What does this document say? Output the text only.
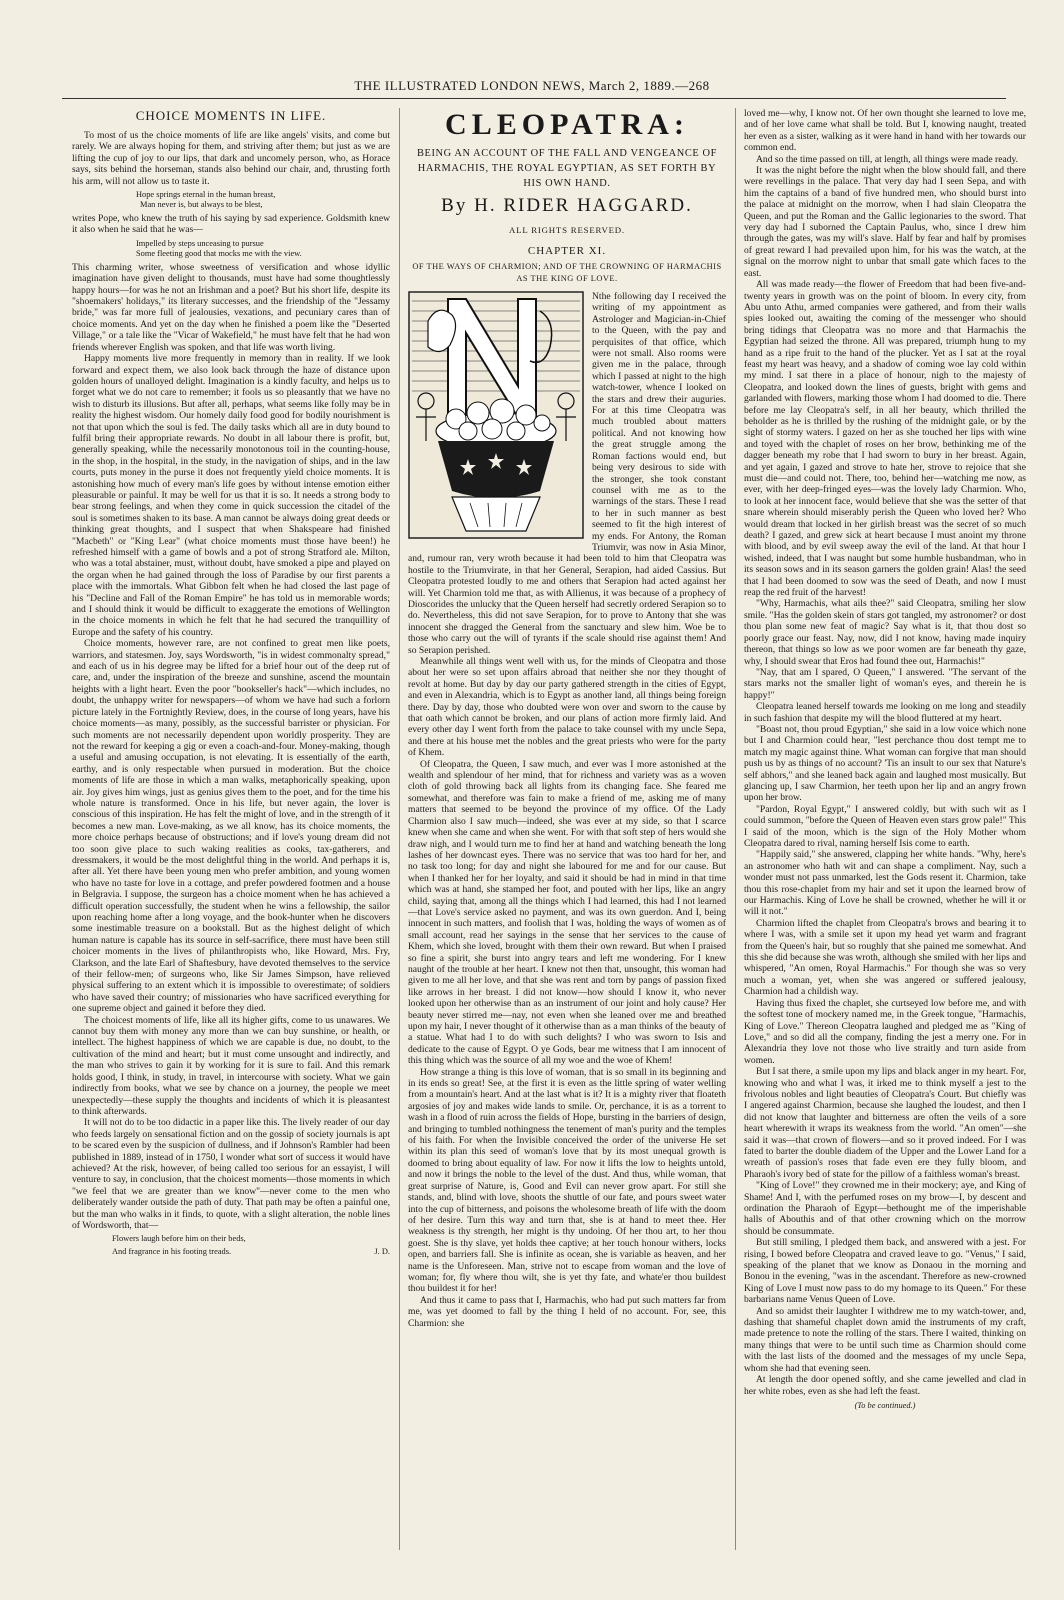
THE ILLUSTRATED LONDON NEWS, March 2, 1889.—268
CHOICE MOMENTS IN LIFE.

To most of us the choice moments of life are like angels' visits, and come but rarely. We are always hoping for them, and striving after them; but just as we are lifting the cup of joy to our lips, that dark and uncomely person, who, as Horace says, sits behind the horseman, stands also behind our chair, and, thrusting forth his arm, will not allow us to taste it.

Hope springs eternal in the human breast,
Man never is, but always to be blest,

writes Pope, who knew the truth of his saying by sad experience. Goldsmith knew it also when he said that he was—

Impelled by steps unceasing to pursue
Some fleeting good that mocks me with the view.

This charming writer, whose sweetness of versification and whose idyllic imagination have given delight to thousands, must have had some thoughtlessly happy hours—for was he not an Irishman and a poet? But his short life, despite its "shoemakers' holidays," its literary successes, and the friendship of the "Jessamy bride," was far more full of jealousies, vexations, and pecuniary cares than of choice moments. And yet on the day when he finished a poem like the "Deserted Village," or a tale like the "Vicar of Wakefield," he must have felt that he had won friends wherever English was spoken, and that life was worth living.

Happy moments live more frequently in memory than in reality. If we look forward and expect them, we also look back through the haze of distance upon golden hours of unalloyed delight. Imagination is a kindly faculty, and helps us to forget what we do not care to remember; it fools us so pleasantly that we have no wish to disturb its illusions. But after all, perhaps, what seems like folly may be in reality the highest wisdom. Our homely daily food good for bodily nourishment is not that upon which the soul is fed. The daily tasks which all are in duty bound to fulfil bring their appropriate rewards. No doubt in all labour there is profit, but, generally speaking, while the necessarily monotonous toil in the counting-house, in the shop, in the hospital, in the study, in the navigation of ships, and in the law courts, puts money in the purse it does not frequently yield choice moments. It is astonishing how much of every man's life goes by without intense emotion either pleasurable or painful. It may be well for us that it is so. It needs a strong body to bear strong feelings, and when they come in quick succession the citadel of the soul is sometimes shaken to its base. A man cannot be always doing great deeds or thinking great thoughts, and I suspect that when Shakspeare had finished "Macbeth" or "King Lear" (what choice moments must those have been!) he refreshed himself with a game of bowls and a pot of strong Stratford ale. Milton, who was a total abstainer, must, without doubt, have smoked a pipe and played on the organ when he had gained through the loss of Paradise by our first parents a place with the immortals. What Gibbon felt when he had closed the last page of his "Decline and Fall of the Roman Empire" he has told us in memorable words; and I should think it would be difficult to exaggerate the emotions of Wellington in the choice moments in which he felt that he had secured the tranquillity of Europe and the safety of his country.

Choice moments, however rare, are not confined to great men like poets, warriors, and statesmen. Joy, says Wordsworth, "is in widest commonalty spread," and each of us in his degree may be lifted for a brief hour out of the deep rut of care, and, under the inspiration of the breeze and sunshine, ascend the mountain heights with a light heart. Even the poor "bookseller's hack"—which includes, no doubt, the unhappy writer for newspapers—of whom we have had such a forlorn picture lately in the Fortnightly Review, does, in the course of long years, have his choice moments—as many, possibly, as the successful barrister or physician. For such moments are not necessarily dependent upon worldly prosperity. They are not the reward for keeping a gig or even a coach-and-four. Money-making, though a useful and amusing occupation, is not elevating. It is essentially of the earth, earthy, and is only respectable when pursued in moderation. But the choice moments of life are those in which a man walks, metaphorically speaking, upon air. Joy gives him wings, just as genius gives them to the poet, and for the time his whole nature is transformed. Once in his life, but never again, the lover is conscious of this inspiration. He has felt the might of love, and in the strength of it becomes a new man. Love-making, as we all know, has its choice moments, the more choice perhaps because of obstructions; and if love's young dream did not too soon give place to such waking realities as cooks, tax-gatherers, and dressmakers, it would be the most delightful thing in the world. And perhaps it is, after all. Yet there have been young men who prefer ambition, and young women who have no taste for love in a cottage, and prefer powdered footmen and a house in Belgravia. I suppose, the surgeon has a choice moment when he has achieved a difficult operation successfully, the student when he wins a fellowship, the sailor upon reaching home after a long voyage, and the book-hunter when he discovers some inestimable treasure on a bookstall. But as the highest delight of which human nature is capable has its source in self-sacrifice, there must have been still choicer moments in the lives of philanthropists who, like Howard, Mrs. Fry, Clarkson, and the late Earl of Shaftesbury, have devoted themselves to the service of their fellow-men; of surgeons who, like Sir James Simpson, have relieved physical suffering to an extent which it is impossible to overestimate; of soldiers who have saved their country; of missionaries who have sacrificed everything for one supreme object and gained it before they died.

The choicest moments of life, like all its higher gifts, come to us unawares. We cannot buy them with money any more than we can buy sunshine, or health, or intellect. The highest happiness of which we are capable is due, no doubt, to the cultivation of the mind and heart; but it must come unsought and indirectly, and the man who strives to gain it by working for it is sure to fail. And this remark holds good, I think, in study, in travel, in intercourse with society. What we gain indirectly from books, what we see by chance on a journey, the people we meet unexpectedly—these supply the thoughts and incidents of which it is pleasantest to think afterwards.

It will not do to be too didactic in a paper like this. The lively reader of our day who feeds largely on sensational fiction and on the gossip of society journals is apt to be scared even by the suspicion of dullness, and if Johnson's Rambler had been published in 1889, instead of in 1750, I wonder what sort of success it would have achieved? At the risk, however, of being called too serious for an essayist, I will venture to say, in conclusion, that the choicest moments—those moments in which "we feel that we are greater than we know"—never come to the men who deliberately wander outside the path of duty. That path may be often a painful one, but the man who walks in it finds, to quote, with a slight alteration, the noble lines of Wordsworth, that—

Flowers laugh before him on their beds,
And fragrance in his footing treads.	J. D.
CLEOPATRA:
BEING AN ACCOUNT OF THE FALL AND VENGEANCE OF HARMACHIS, THE ROYAL EGYPTIAN, AS SET FORTH BY HIS OWN HAND.
By H. RIDER HAGGARD.
ALL RIGHTS RESERVED.
CHAPTER XI.
OF THE WAYS OF CHARMION; AND OF THE CROWNING OF HARMACHIS AS THE KING OF LOVE.

Nthe following day I received the writing of my appointment as Astrologer and Magician-in-Chief to the Queen, with the pay and perquisites of that office, which were not small. Also rooms were given me in the palace, through which I passed at night to the high watch-tower, whence I looked on the stars and drew their auguries. For at this time Cleopatra was much troubled about matters political. And not knowing how the great struggle among the Roman factions would end, but being very desirous to side with the stronger, she took constant counsel with me as to the warnings of the stars. These I read to her in such manner as best seemed to fit the high interest of my ends. For Antony, the Roman Triumvir, was now in Asia Minor, and, rumour ran, very wroth because it had been told to him that Cleopatra was hostile to the Triumvirate, in that her General, Serapion, had aided Cassius. But Cleopatra protested loudly to me and others that Serapion had acted against her will. Yet Charmion told me that, as with Allienus, it was because of a prophecy of Dioscorides the unlucky that the Queen herself had secretly ordered Serapion so to do. Nevertheless, this did not save Serapion, for to prove to Antony that she was innocent she dragged the General from the sanctuary and slew him. Woe be to those who carry out the will of tyrants if the scale should rise against them! And so Serapion perished.

Meanwhile all things went well with us, for the minds of Cleopatra and those about her were so set upon affairs abroad that neither she nor they thought of revolt at home. But day by day our party gathered strength in the cities of Egypt, and even in Alexandria, which is to Egypt as another land, all things being foreign there. Day by day, those who doubted were won over and sworn to the cause by that oath which cannot be broken, and our plans of action more firmly laid. And every other day I went forth from the palace to take counsel with my uncle Sepa, and there at his house met the nobles and the great priests who were for the party of Khem.

Of Cleopatra, the Queen, I saw much, and ever was I more astonished at the wealth and splendour of her mind, that for richness and variety was as a woven cloth of gold throwing back all lights from its changing face. She feared me somewhat, and therefore was fain to make a friend of me, asking me of many matters that seemed to be beyond the province of my office. Of the Lady Charmion also I saw much—indeed, she was ever at my side, so that I scarce knew when she came and when she went. For with that soft step of hers would she draw nigh, and I would turn me to find her at hand and watching beneath the long lashes of her downcast eyes. There was no service that was too hard for her, and no task too long; for day and night she laboured for me and for our cause. But when I thanked her for her loyalty, and said it should be had in mind in that time which was at hand, she stamped her foot, and pouted with her lips, like an angry child, saying that, among all the things which I had learned, this had I not learned—that Love's service asked no payment, and was its own guerdon. And I, being innocent in such matters, and foolish that I was, holding the ways of women as of small account, read her sayings in the sense that her services to the cause of Khem, which she loved, brought with them their own reward. But when I praised so fine a spirit, she burst into angry tears and left me wondering. For I knew naught of the trouble at her heart. I knew not then that, unsought, this woman had given to me all her love, and that she was rent and torn by pangs of passion fixed like arrows in her breast. I did not know—how should I know it, who never looked upon her otherwise than as an instrument of our joint and holy cause? Her beauty never stirred me—nay, not even when she leaned over me and breathed upon my hair, I never thought of it otherwise than as a man thinks of the beauty of a statue. What had I to do with such delights? I who was sworn to Isis and dedicate to the cause of Egypt. O ye Gods, bear me witness that I am innocent of this thing which was the source of all my woe and the woe of Khem!

How strange a thing is this love of woman, that is so small in its beginning and in its ends so great! See, at the first it is even as the little spring of water welling from a mountain's heart. And at the last what is it? It is a mighty river that floateth argosies of joy and makes wide lands to smile. Or, perchance, it is as a torrent to wash in a flood of ruin across the fields of Hope, bursting in the barriers of design, and bringing to tumbled nothingness the tenement of man's purity and the temples of his faith. For when the Invisible conceived the order of the universe He set within its plan this seed of woman's love that by its most unequal growth is doomed to bring about equality of law. For now it lifts the low to heights untold, and now it brings the noble to the level of the dust. And thus, while woman, that great surprise of Nature, is, Good and Evil can never grow apart. For still she stands, and, blind with love, shoots the shuttle of our fate, and pours sweet water into the cup of bitterness, and poisons the wholesome breath of life with the doom of her desire. Turn this way and turn that, she is at hand to meet thee. Her weakness is thy strength, her might is thy undoing. Of her thou art, to her thou goest. She is thy slave, yet holds thee captive; at her touch honour withers, locks open, and barriers fall. She is infinite as ocean, she is variable as heaven, and her name is the Unforeseen. Man, strive not to escape from woman and the love of woman; for, fly where thou wilt, she is yet thy fate, and whate'er thou buildest thou buildest it for her!

And thus it came to pass that I, Harmachis, who had put such matters far from me, was yet doomed to fall by the thing I held of no account. For, see, this Charmion: she

loved me—why, I know not. Of her own thought she learned to love me, and of her love came what shall be told. But I, knowing naught, treated her even as a sister, walking as it were hand in hand with her towards our common end.

And so the time passed on till, at length, all things were made ready.

It was the night before the night when the blow should fall, and there were revellings in the palace. That very day had I seen Sepa, and with him the captains of a band of five hundred men, who should burst into the palace at midnight on the morrow, when I had slain Cleopatra the Queen, and put the Roman and the Gallic legionaries to the sword. That very day had I suborned the Captain Paulus, who, since I drew him through the gates, was my will's slave. Half by fear and half by promises of great reward I had prevailed upon him, for his was the watch, at the signal on the morrow night to unbar that small gate which faces to the east.

All was made ready—the flower of Freedom that had been five-and-twenty years in growth was on the point of bloom. In every city, from Abu unto Athu, armed companies were gathered, and from their walls spies looked out, awaiting the coming of the messenger who should bring tidings that Cleopatra was no more and that Harmachis the Egyptian had seized the throne. All was prepared, triumph hung to my hand as a ripe fruit to the hand of the plucker. Yet as I sat at the royal feast my heart was heavy, and a shadow of coming woe lay cold within my mind. I sat there in a place of honour, nigh to the majesty of Cleopatra, and looked down the lines of guests, bright with gems and garlanded with flowers, marking those whom I had doomed to die. There before me lay Cleopatra's self, in all her beauty, which thrilled the beholder as he is thrilled by the rushing of the midnight gale, or by the sight of stormy waters. I gazed on her as she touched her lips with wine and toyed with the chaplet of roses on her brow, bethinking me of the dagger beneath my robe that I had sworn to bury in her breast. Again, and yet again, I gazed and strove to hate her, strove to rejoice that she must die—and could not. There, too, behind her—watching me now, as ever, with her deep-fringed eyes—was the lovely lady Charmion. Who, to look at her innocent face, would believe that she was the setter of that snare wherein should miserably perish the Queen who loved her? Who would dream that locked in her girlish breast was the secret of so much death? I gazed, and grew sick at heart because I must anoint my throne with blood, and by evil sweep away the evil of the land. At that hour I wished, indeed, that I was naught but some humble husbandman, who in its season sows and in its season garners the golden grain! Alas! the seed that I had been doomed to sow was the seed of Death, and now I must reap the red fruit of the harvest!

"Why, Harmachis, what ails thee?" said Cleopatra, smiling her slow smile. "Has the golden skein of stars got tangled, my astronomer? or dost thou plan some new feat of magic? Say what is it, that thou dost so poorly grace our feast. Nay, now, did I not know, having made inquiry thereon, that things so low as we poor women are far beneath thy gaze, why, I should swear that Eros had found thee out, Harmachis!"

"Nay, that am I spared, O Queen," I answered. "The servant of the stars marks not the smaller light of woman's eyes, and therein he is happy!"

Cleopatra leaned herself towards me looking on me long and steadily in such fashion that despite my will the blood fluttered at my heart.

"Boast not, thou proud Egyptian," she said in a low voice which none but I and Charmion could hear, "lest perchance thou dost tempt me to match my magic against thine. What woman can forgive that man should push us by as things of no account? 'Tis an insult to our sex that Nature's self abhors," and she leaned back again and laughed most musically. But glancing up, I saw Charmion, her teeth upon her lip and an angry frown upon her brow.

"Pardon, Royal Egypt," I answered coldly, but with such wit as I could summon, "before the Queen of Heaven even stars grow pale!" This I said of the moon, which is the sign of the Holy Mother whom Cleopatra dared to rival, naming herself Isis come to earth.

"Happily said," she answered, clapping her white hands. "Why, here's an astronomer who hath wit and can shape a compliment. Nay, such a wonder must not pass unmarked, lest the Gods resent it. Charmion, take thou this rose-chaplet from my hair and set it upon the learned brow of our Harmachis. King of Love he shall be crowned, whether he will it or will it not."

Charmion lifted the chaplet from Cleopatra's brows and bearing it to where I was, with a smile set it upon my head yet warm and fragrant from the Queen's hair, but so roughly that she pained me somewhat. And this she did because she was wroth, although she smiled with her lips and whispered, "An omen, Royal Harmachis." For though she was so very much a woman, yet, when she was angered or suffered jealousy, Charmion had a childish way.

Having thus fixed the chaplet, she curtseyed low before me, and with the softest tone of mockery named me, in the Greek tongue, "Harmachis, King of Love." Thereon Cleopatra laughed and pledged me as "King of Love," and so did all the company, finding the jest a merry one. For in Alexandria they love not those who live straitly and turn aside from women.

But I sat there, a smile upon my lips and black anger in my heart. For, knowing who and what I was, it irked me to think myself a jest to the frivolous nobles and light beauties of Cleopatra's Court. But chiefly was I angered against Charmion, because she laughed the loudest, and then I did not know that laughter and bitterness are often the veils of a sore heart wherewith it wraps its weakness from the world. "An omen"—she said it was—that crown of flowers—and so it proved indeed. For I was fated to barter the double diadem of the Upper and the Lower Land for a wreath of passion's roses that fade even ere they fully bloom, and Pharaoh's ivory bed of state for the pillow of a faithless woman's breast.

"King of Love!" they crowned me in their mockery; aye, and King of Shame! And I, with the perfumed roses on my brow—I, by descent and ordination the Pharaoh of Egypt—bethought me of the imperishable halls of Abouthis and of that other crowning which on the morrow should be consummate.

But still smiling, I pledged them back, and answered with a jest. For rising, I bowed before Cleopatra and craved leave to go. "Venus," I said, speaking of the planet that we know as Donaou in the morning and Bonou in the evening, "was in the ascendant. Therefore as new-crowned King of Love I must now pass to do my homage to its Queen." For these barbarians name Venus Queen of Love.

And so amidst their laughter I withdrew me to my watch-tower, and, dashing that shameful chaplet down amid the instruments of my craft, made pretence to note the rolling of the stars. There I waited, thinking on many things that were to be until such time as Charmion should come with the last lists of the doomed and the messages of my uncle Sepa, whom she had that evening seen.

At length the door opened softly, and she came jewelled and clad in her white robes, even as she had left the feast.

(To be continued.)
